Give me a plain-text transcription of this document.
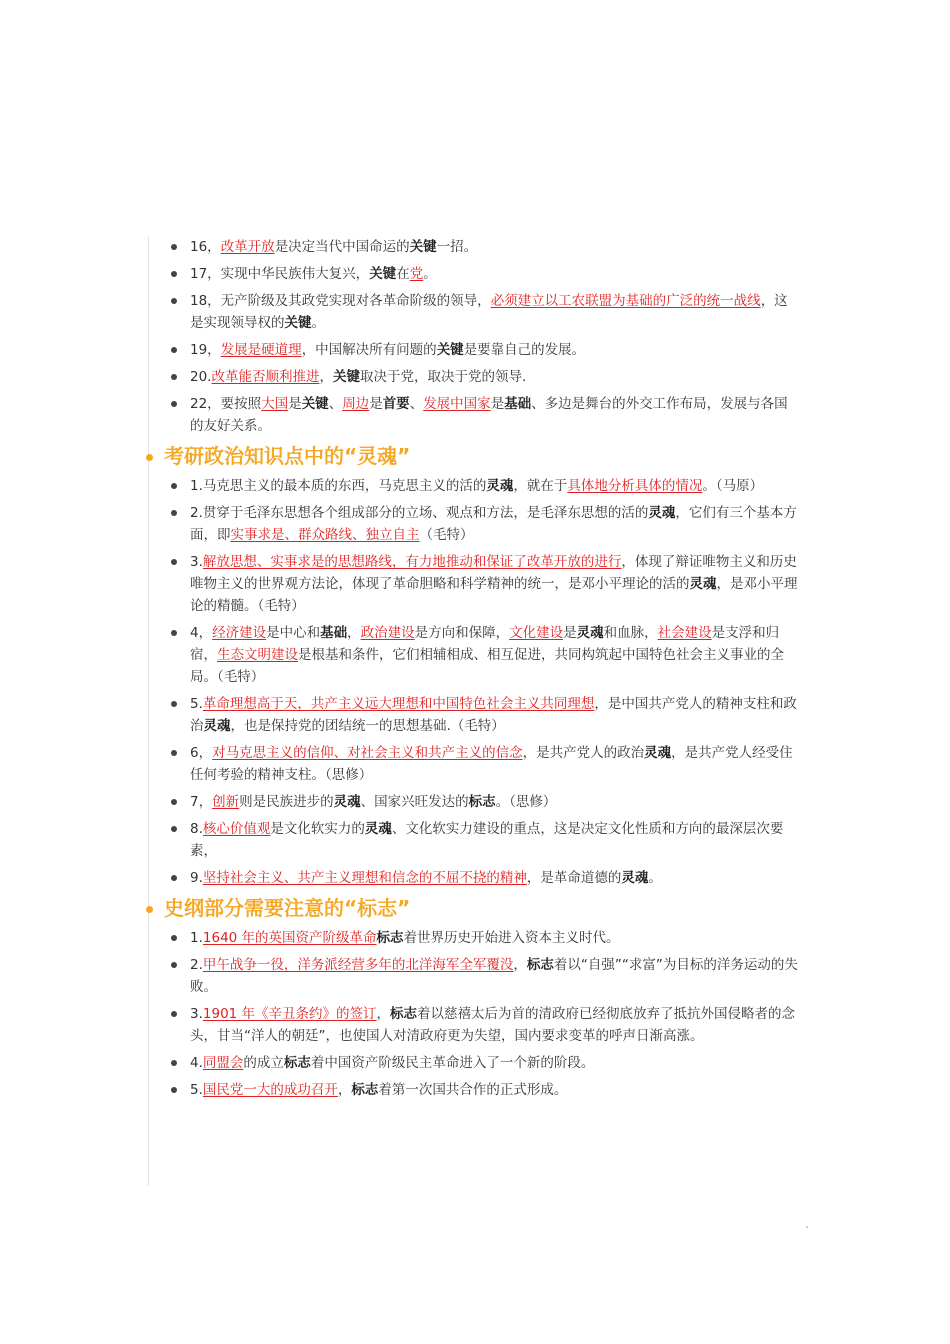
16，改革开放是决定当代中国命运的关键一招。
17，实现中华民族伟大复兴，关键在党。
18，无产阶级及其政党实现对各革命阶级的领导，必须建立以工农联盟为基础的广泛的统一战线，这是实现领导权的关键。
19，发展是硬道理，中国解决所有问题的关键是要靠自己的发展。
20.改革能否顺利推进，关键取决于党，取决于党的领导.
22，要按照大国是关键、周边是首要、发展中国家是基础、多边是舞台的外交工作布局，发展与各国的友好关系。
考研政治知识点中的“灵魂”
1.马克思主义的最本质的东西，马克思主义的活的灵魂，就在于具体地分析具体的情况。（马原）
2.贯穿于毛泽东思想各个组成部分的立场、观点和方法，是毛泽东思想的活的灵魂，它们有三个基本方面，即实事求是、群众路线、独立自主（毛特）
3.解放思想、实事求是的思想路线，有力地推动和保证了改革开放的进行，体现了辩证唯物主义和历史唯物主义的世界观方法论，体现了革命胆略和科学精神的统一，是邓小平理论的活的灵魂，是邓小平理论的精髓。（毛特）
4，经济建设是中心和基础，政治建设是方向和保障，文化建设是灵魂和血脉，社会建设是支浮和归宿，生态文明建设是根基和条件，它们相辅相成、相互促进，共同构筑起中国特色社会主义事业的全局。（毛特）
5.革命理想高于天，共产主义远大理想和中国特色社会主义共同理想，是中国共产党人的精神支柱和政治灵魂，也是保持党的团结统一的思想基础.（毛特）
6，对马克思主义的信仰、对社会主义和共产主义的信念，是共产党人的政治灵魂，是共产党人经受住任何考验的精神支柱。（思修）
7，创新则是民族进步的灵魂、国家兴旺发达的标志。（思修）
8.核心价值观是文化软实力的灵魂、文化软实力建设的重点，这是决定文化性质和方向的最深层次要素，
9.坚持社会主义、共产主义理想和信念的不屈不挠的精神，是革命道德的灵魂。
史纲部分需要注意的“标志”
1.1640 年的英国资产阶级革命标志着世界历史开始进入资本主义时代。
2.甲午战争一役，洋务派经营多年的北洋海军全军覆没，标志着以“自强”“求富”为目标的洋务运动的失败。
3.1901 年《辛丑条约》的签订，标志着以慈禧太后为首的清政府已经彻底放弃了抵抗外国侵略者的念头，甘当“洋人的朝廷”，也使国人对清政府更为失望，国内要求变革的呼声日渐高涨。
4.同盟会的成立标志着中国资产阶级民主革命进入了一个新的阶段。
5.国民党一大的成功召开，标志着第一次国共合作的正式形成。
